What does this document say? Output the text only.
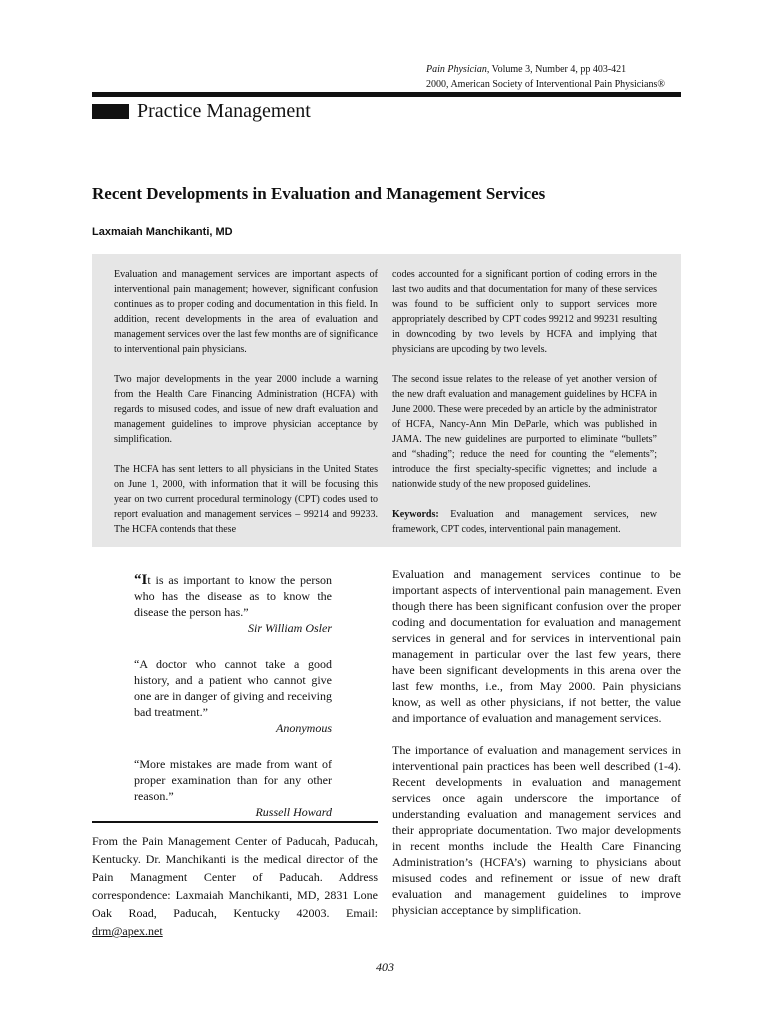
Pain Physician, Volume 3, Number 4, pp 403-421
2000, American Society of Interventional Pain Physicians®
Practice Management
Recent Developments in Evaluation and Management Services
Laxmaiah Manchikanti, MD

Evaluation and management services are important aspects of interventional pain management; however, significant confusion continues as to proper coding and documentation in this field. In addition, recent developments in the area of evaluation and management services over the last few months are of significance to interventional pain physicians.

Two major developments in the year 2000 include a warning from the Health Care Financing Administration (HCFA) with regards to misused codes, and issue of new draft evaluation and management guidelines to improve physician acceptance by simplification.

The HCFA has sent letters to all physicians in the United States on June 1, 2000, with information that it will be focusing this year on two current procedural terminology (CPT) codes used to report evaluation and management services – 99214 and 99233. The HCFA contends that these

codes accounted for a significant portion of coding errors in the last two audits and that documentation for many of these services was found to be sufficient only to support services more appropriately described by CPT codes 99212 and 99231 resulting in downcoding by two levels by HCFA and implying that physicians are upcoding by two levels.

The second issue relates to the release of yet another version of the new draft evaluation and management guidelines by HCFA in June 2000. These were preceded by an article by the administrator of HCFA, Nancy-Ann Min DeParle, which was published in JAMA. The new guidelines are purported to eliminate “bullets” and “shading”; reduce the need for counting the “elements”; introduce the first specialty-specific vignettes; and include a nationwide study of the new proposed guidelines.

Keywords: Evaluation and management services, new framework, CPT codes, interventional pain management.

“It is as important to know the person who has the disease as to know the disease the person has.”
Sir William Osler
“A doctor who cannot take a good history, and a patient who cannot give one are in danger of giving and receiving bad treatment.”
Anonymous
“More mistakes are made from want of proper examination than for any other reason.”
Russell Howard
From the Pain Management Center of Paducah, Paducah, Kentucky. Dr. Manchikanti is the medical director of the Pain Managment Center of Paducah. Address correspondence: Laxmaiah Manchikanti, MD, 2831 Lone Oak Road, Paducah, Kentucky 42003. Email: drm@apex.net

Evaluation and management services continue to be important aspects of interventional pain management. Even though there has been significant confusion over the proper coding and documentation for evaluation and management services in general and for services in interventional pain management in particular over the last few years, there have been significant developments in this arena over the last few months, i.e., from May 2000. Pain physicians know, as well as other physicians, if not better, the value and importance of evaluation and management services.

The importance of evaluation and management services in interventional pain practices has been well described (1-4). Recent developments in evaluation and management services once again underscore the importance of understanding evaluation and management services and their appropriate documentation. Two major developments in recent months include the Health Care Financing Administration’s (HCFA’s) warning to physicians about misused codes and refinement or issue of new draft evaluation and management guidelines to improve physician acceptance by simplification.

403
